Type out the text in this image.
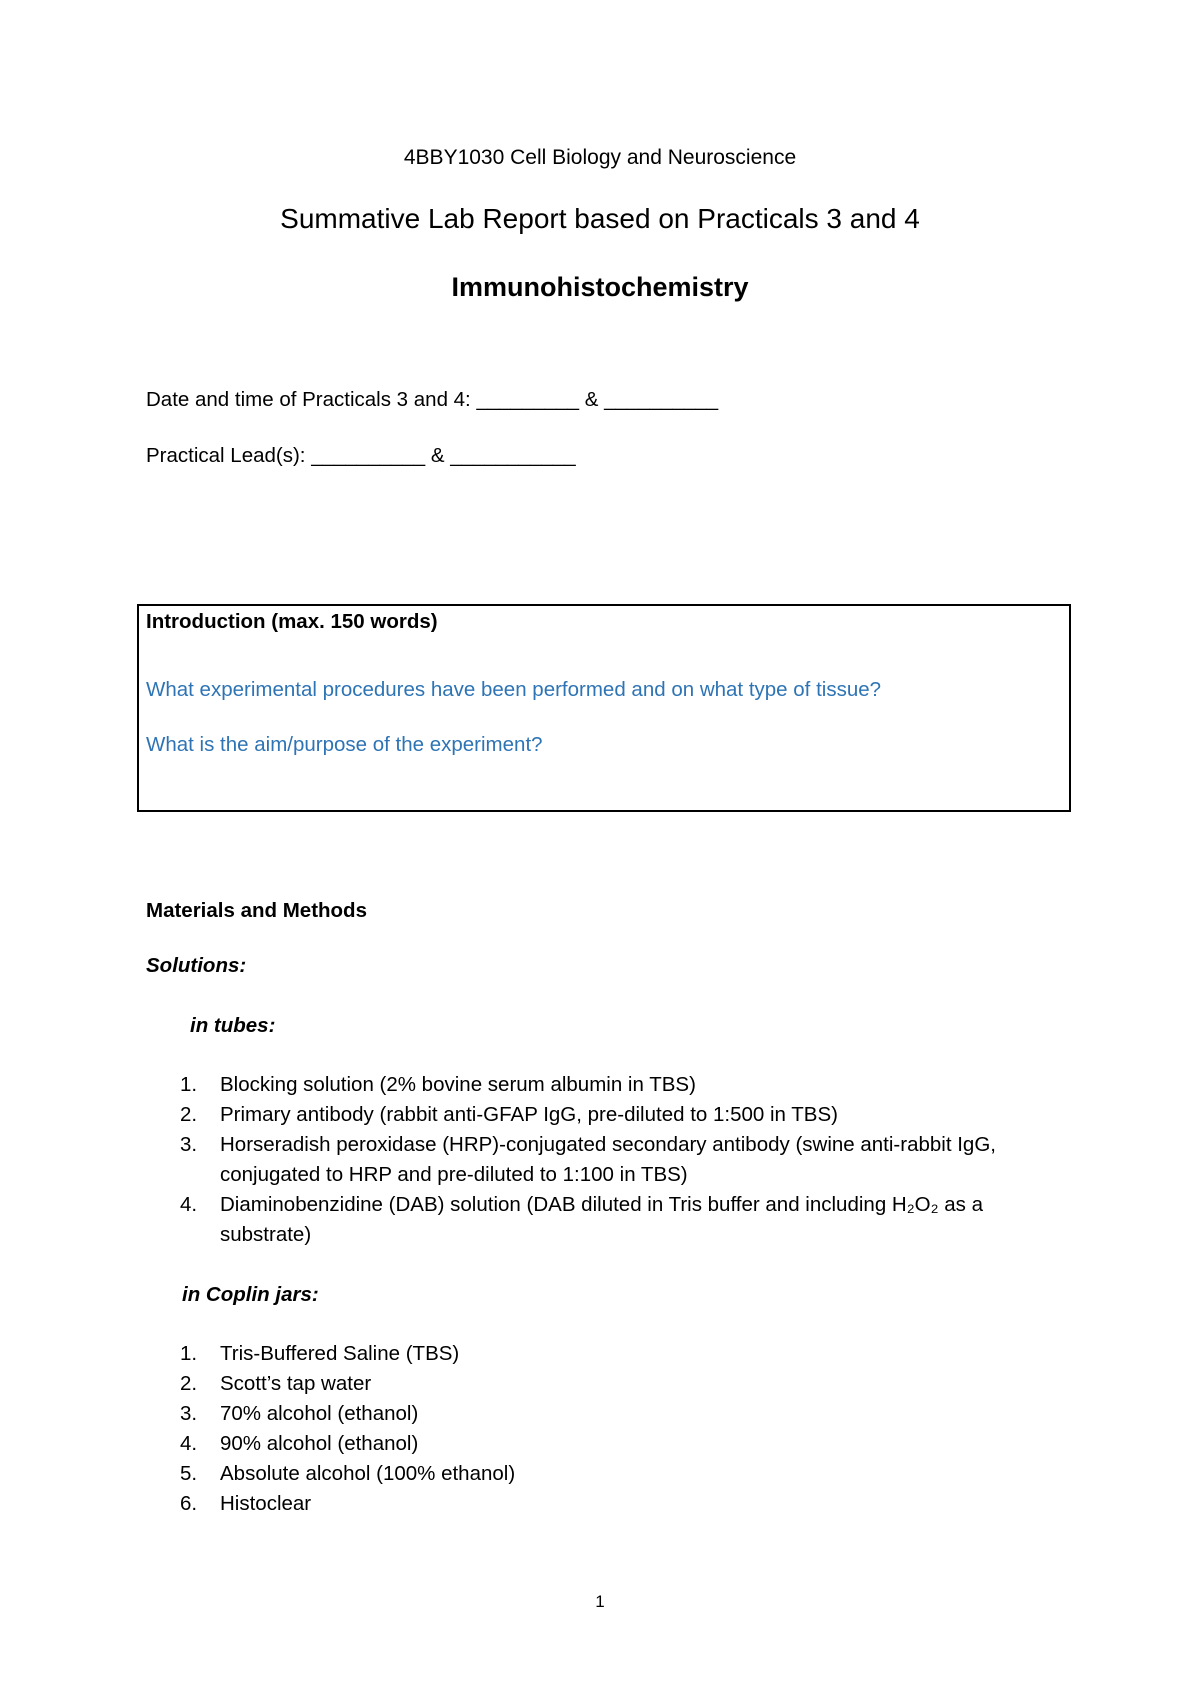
4BBY1030 Cell Biology and Neuroscience
Summative Lab Report based on Practicals 3 and 4
Immunohistochemistry
Date and time of Practicals 3 and 4: _________ & __________
Practical Lead(s): __________ & ___________
Introduction (max. 150 words)
What experimental procedures have been performed and on what type of tissue?
What is the aim/purpose of the experiment?
Materials and Methods
Solutions:
in tubes:
1. Blocking solution (2% bovine serum albumin in TBS)
2. Primary antibody (rabbit anti-GFAP IgG, pre-diluted to 1:500 in TBS)
3. Horseradish peroxidase (HRP)-conjugated secondary antibody (swine anti-rabbit IgG, conjugated to HRP and pre-diluted to 1:100 in TBS)
4. Diaminobenzidine (DAB) solution (DAB diluted in Tris buffer and including H₂O₂ as a substrate)
in Coplin jars:
1. Tris-Buffered Saline (TBS)
2. Scott’s tap water
3. 70% alcohol (ethanol)
4. 90% alcohol (ethanol)
5. Absolute alcohol (100% ethanol)
6. Histoclear
1
